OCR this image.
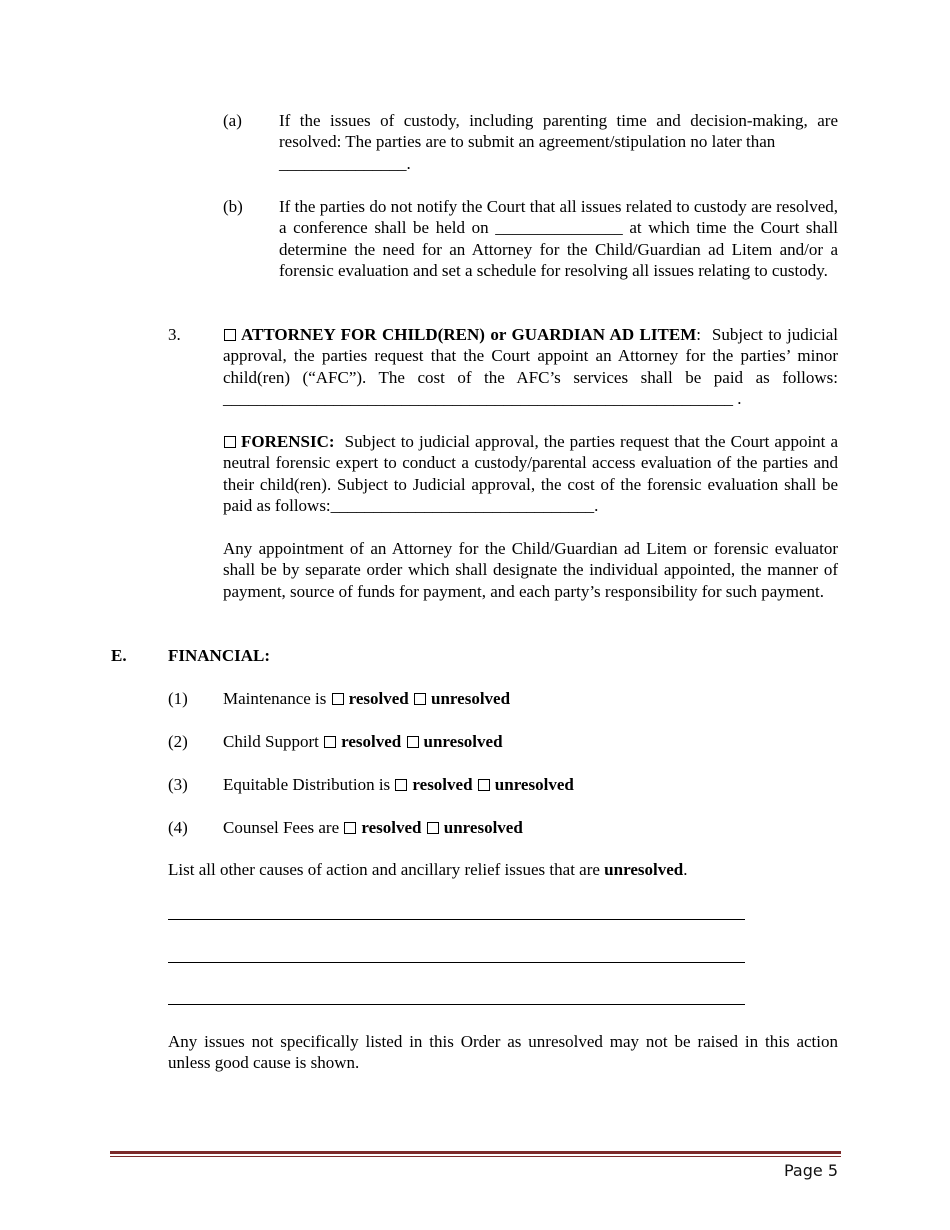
(a) If the issues of custody, including parenting time and decision-making, are resolved: The parties are to submit an agreement/stipulation no later than
_______________.
(b) If the parties do not notify the Court that all issues related to custody are resolved, a conference shall be held on _______________ at which time the Court shall determine the need for an Attorney for the Child/Guardian ad Litem and/or a forensic evaluation and set a schedule for resolving all issues relating to custody.
3.	ATTORNEY FOR CHILD(REN) or GUARDIAN AD LITEM: Subject to judicial approval, the parties request that the Court appoint an Attorney for the parties’ minor child(ren) (“AFC”). The cost of the AFC’s services shall be paid as follows: ____________________________________________________________ .
FORENSIC: Subject to judicial approval, the parties request that the Court appoint a neutral forensic expert to conduct a custody/parental access evaluation of the parties and their child(ren). Subject to Judicial approval, the cost of the forensic evaluation shall be paid as follows:_______________________________.
Any appointment of an Attorney for the Child/Guardian ad Litem or forensic evaluator shall be by separate order which shall designate the individual appointed, the manner of payment, source of funds for payment, and each party’s responsibility for such payment.
E. FINANCIAL:
(1) Maintenance is resolved unresolved
(2) Child Support resolved unresolved
(3) Equitable Distribution is resolved unresolved
(4) Counsel Fees are resolved unresolved
List all other causes of action and ancillary relief issues that are unresolved.
Any issues not specifically listed in this Order as unresolved may not be raised in this action unless good cause is shown.
Page 5
